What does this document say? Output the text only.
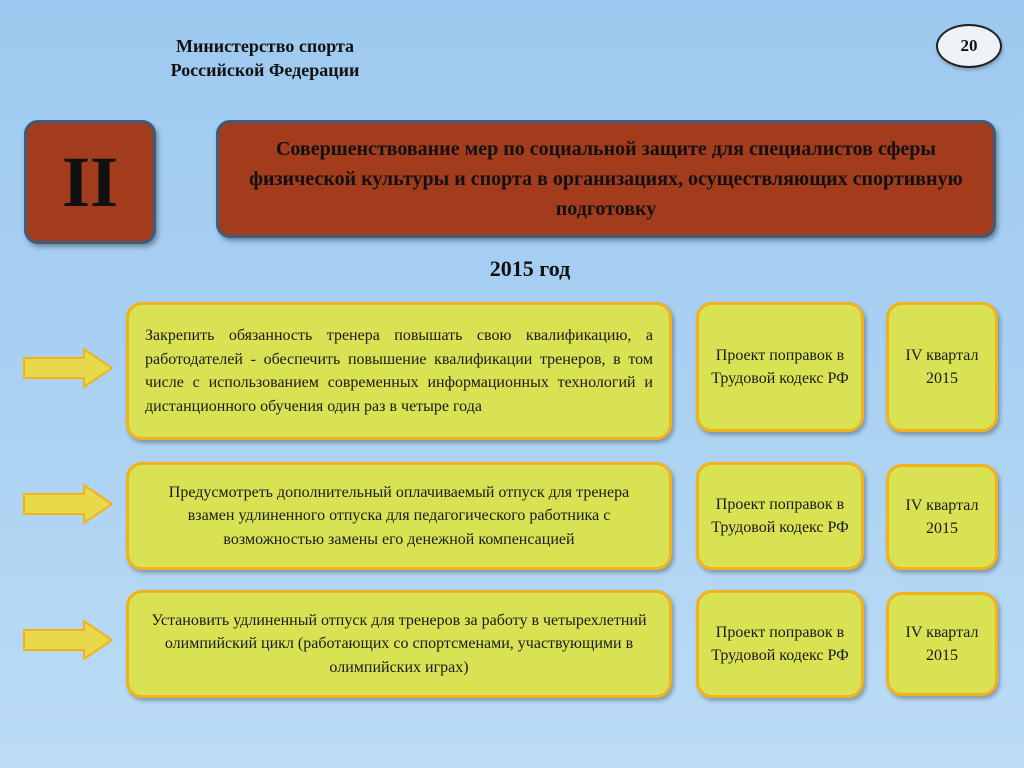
Министерство спорта
Российской Федерации
20
II	Совершенствование мер по социальной защите для специалистов сферы физической культуры и спорта в организациях, осуществляющих спортивную подготовку
2015 год
Закрепить обязанность тренера повышать свою квалификацию, а работодателей - обеспечить повышение квалификации тренеров, в том числе с использованием современных информационных технологий и дистанционного обучения один раз в четыре года
Проект поправок в Трудовой кодекс РФ
IV квартал 2015
Предусмотреть дополнительный оплачиваемый отпуск для тренера взамен удлиненного отпуска для педагогического работника с возможностью замены его денежной компенсацией
Проект поправок в Трудовой кодекс РФ
IV квартал 2015
Установить удлиненный отпуск для тренеров за работу в четырехлетний олимпийский цикл (работающих со спортсменами, участвующими в олимпийских играх)
Проект поправок в Трудовой кодекс РФ
IV квартал 2015
